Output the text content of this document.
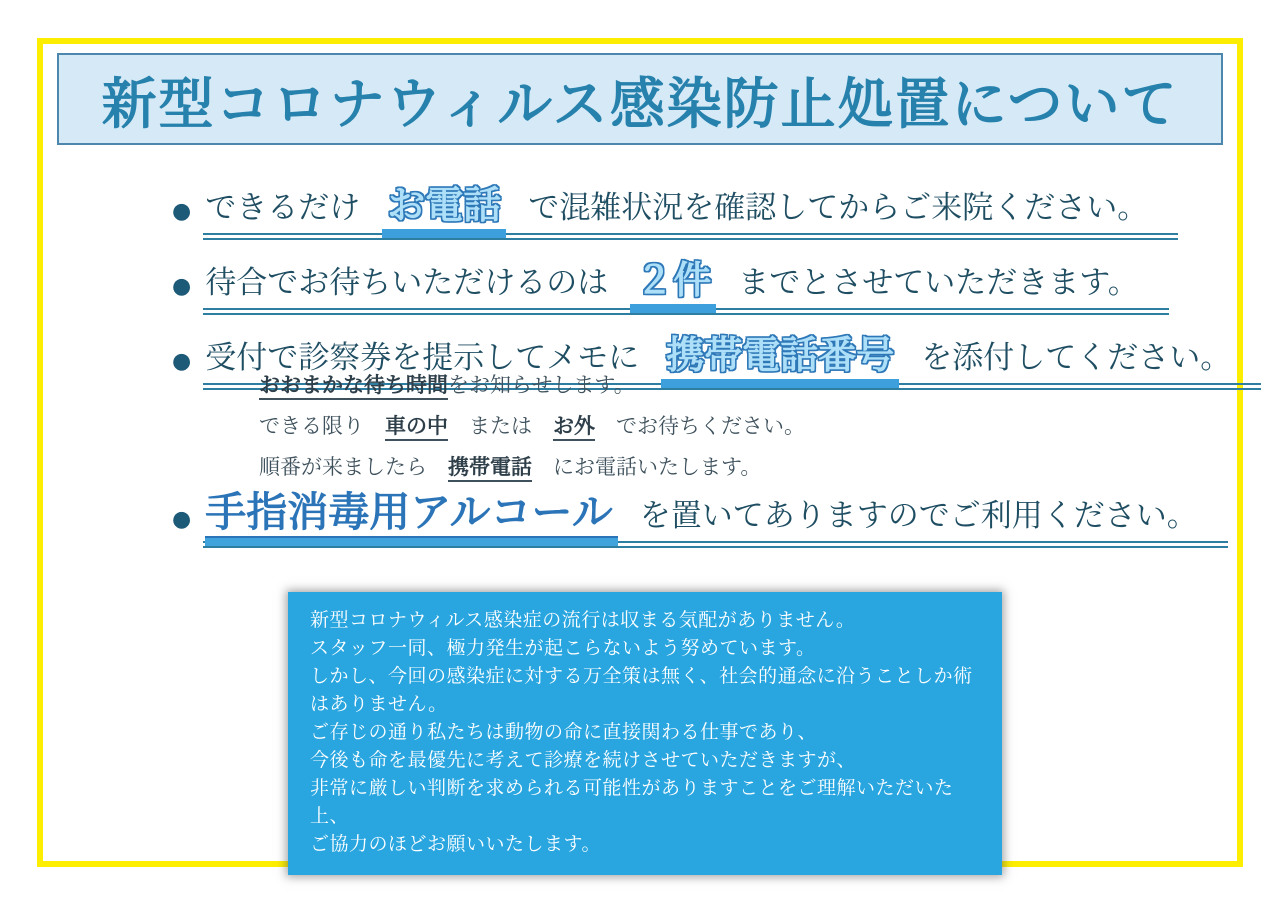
新型コロナウィルス感染防止処置について
● できるだけ お電話 で混雑状況を確認してからご来院ください。
● 待合でお待ちいただけるのは ２件 までとさせていただきます。
● 受付で診察券を提示してメモに 携帯電話番号 を添付してください。
おおまかな待ち時間をお知らせします。
できる限り　車の中　または　お外　でお待ちください。
順番が来ましたら　携帯電話　にお電話いたします。
● 手指消毒用アルコール を置いてありますのでご利用ください。

新型コロナウィルス感染症の流行は収まる気配がありません。

スタッフ一同、極力発生が起こらないよう努めています。

しかし、今回の感染症に対する万全策は無く、社会的通念に沿うことしか術はありません。

ご存じの通り私たちは動物の命に直接関わる仕事であり、

今後も命を最優先に考えて診療を続けさせていただきますが、

非常に厳しい判断を求められる可能性がありますことをご理解いただいた上、

ご協力のほどお願いいたします。
